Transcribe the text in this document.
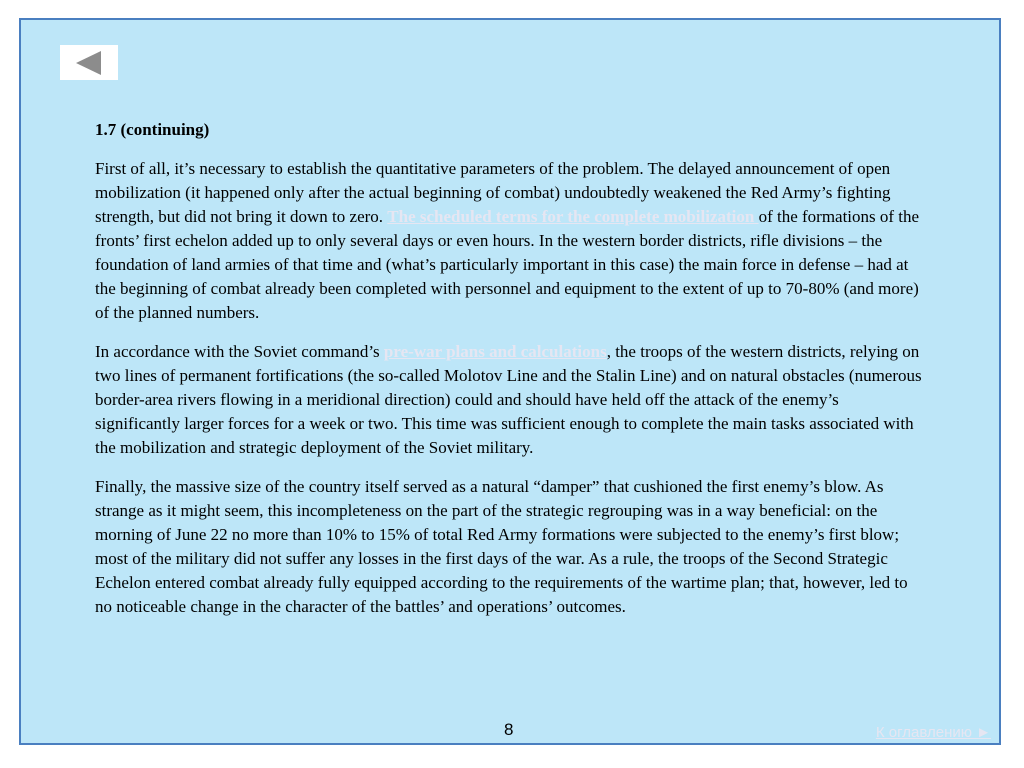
1.7 (continuing)

First of all, it’s necessary to establish the quantitative parameters of the problem. The delayed announcement of open mobilization (it happened only after the actual beginning of combat) undoubtedly weakened the Red Army’s fighting strength, but did not bring it down to zero. The scheduled terms for the complete mobilization of the formations of the fronts’ first echelon added up to only several days or even hours. In the western border districts, rifle divisions – the foundation of land armies of that time and (what’s particularly important in this case) the main force in defense – had at the beginning of combat already been completed with personnel and equipment to the extent of up to 70-80% (and more) of the planned numbers.

In accordance with the Soviet command’s pre-war plans and calculations, the troops of the western districts, relying on two lines of permanent fortifications (the so-called Molotov Line and the Stalin Line) and on natural obstacles (numerous border-area rivers flowing in a meridional direction) could and should have held off the attack of the enemy’s significantly larger forces for a week or two. This time was sufficient enough to complete the main tasks associated with the mobilization and strategic deployment of the Soviet military.

Finally, the massive size of the country itself served as a natural “damper” that cushioned the first enemy’s blow. As strange as it might seem, this incompleteness on the part of the strategic regrouping was in a way beneficial: on the morning of June 22 no more than 10% to 15% of total Red Army formations were subjected to the enemy’s first blow; most of the military did not suffer any losses in the first days of the war. As a rule, the troops of the Second Strategic Echelon entered combat already fully equipped according to the requirements of the wartime plan; that, however, led to no noticeable change in the character of the battles’ and operations’ outcomes.

8	К оглавлению ►
